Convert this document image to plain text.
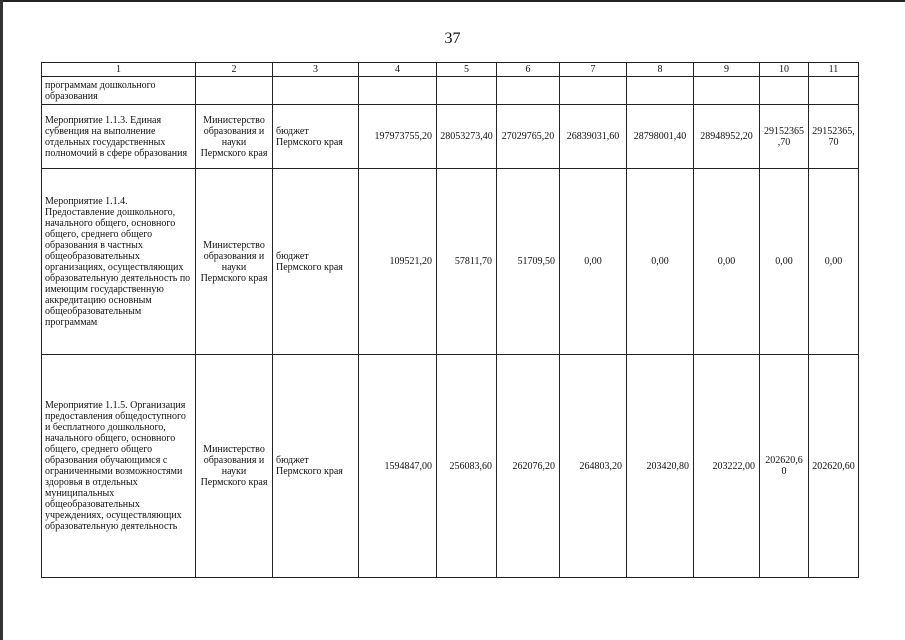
37
1	2	3	4	5	6	7	8	9	10	11
программам дошкольного образования										
Мероприятие 1.1.3. Единая субвенция на выполнение отдельных государственных полномочий в сфере образования	Министерство образования и науки Пермского края	бюджет Пермского края	197973755,20	28053273,40	27029765,20	26839031,60	28798001,40	28948952,20	29152365,70	29152365,70
Мероприятие 1.1.4. Предоставление дошкольного, начального общего, основного общего, среднего общего образования в частных общеобразовательных организациях, осуществляющих образовательную деятельность по имеющим государственную аккредитацию основным общеобразовательным программам	Министерство образования и науки Пермского края	бюджет Пермского края	109521,20	57811,70	51709,50	0,00	0,00	0,00	0,00	0,00
Мероприятие 1.1.5. Организация предоставления общедоступного и бесплатного дошкольного, начального общего, основного общего, среднего общего образования обучающимся с ограниченными возможностями здоровья в отдельных муниципальных общеобразовательных учреждениях, осуществляющих образовательную деятельность	Министерство образования и науки Пермского края	бюджет Пермского края	1594847,00	256083,60	262076,20	264803,20	203420,80	203222,00	202620,60	202620,60
